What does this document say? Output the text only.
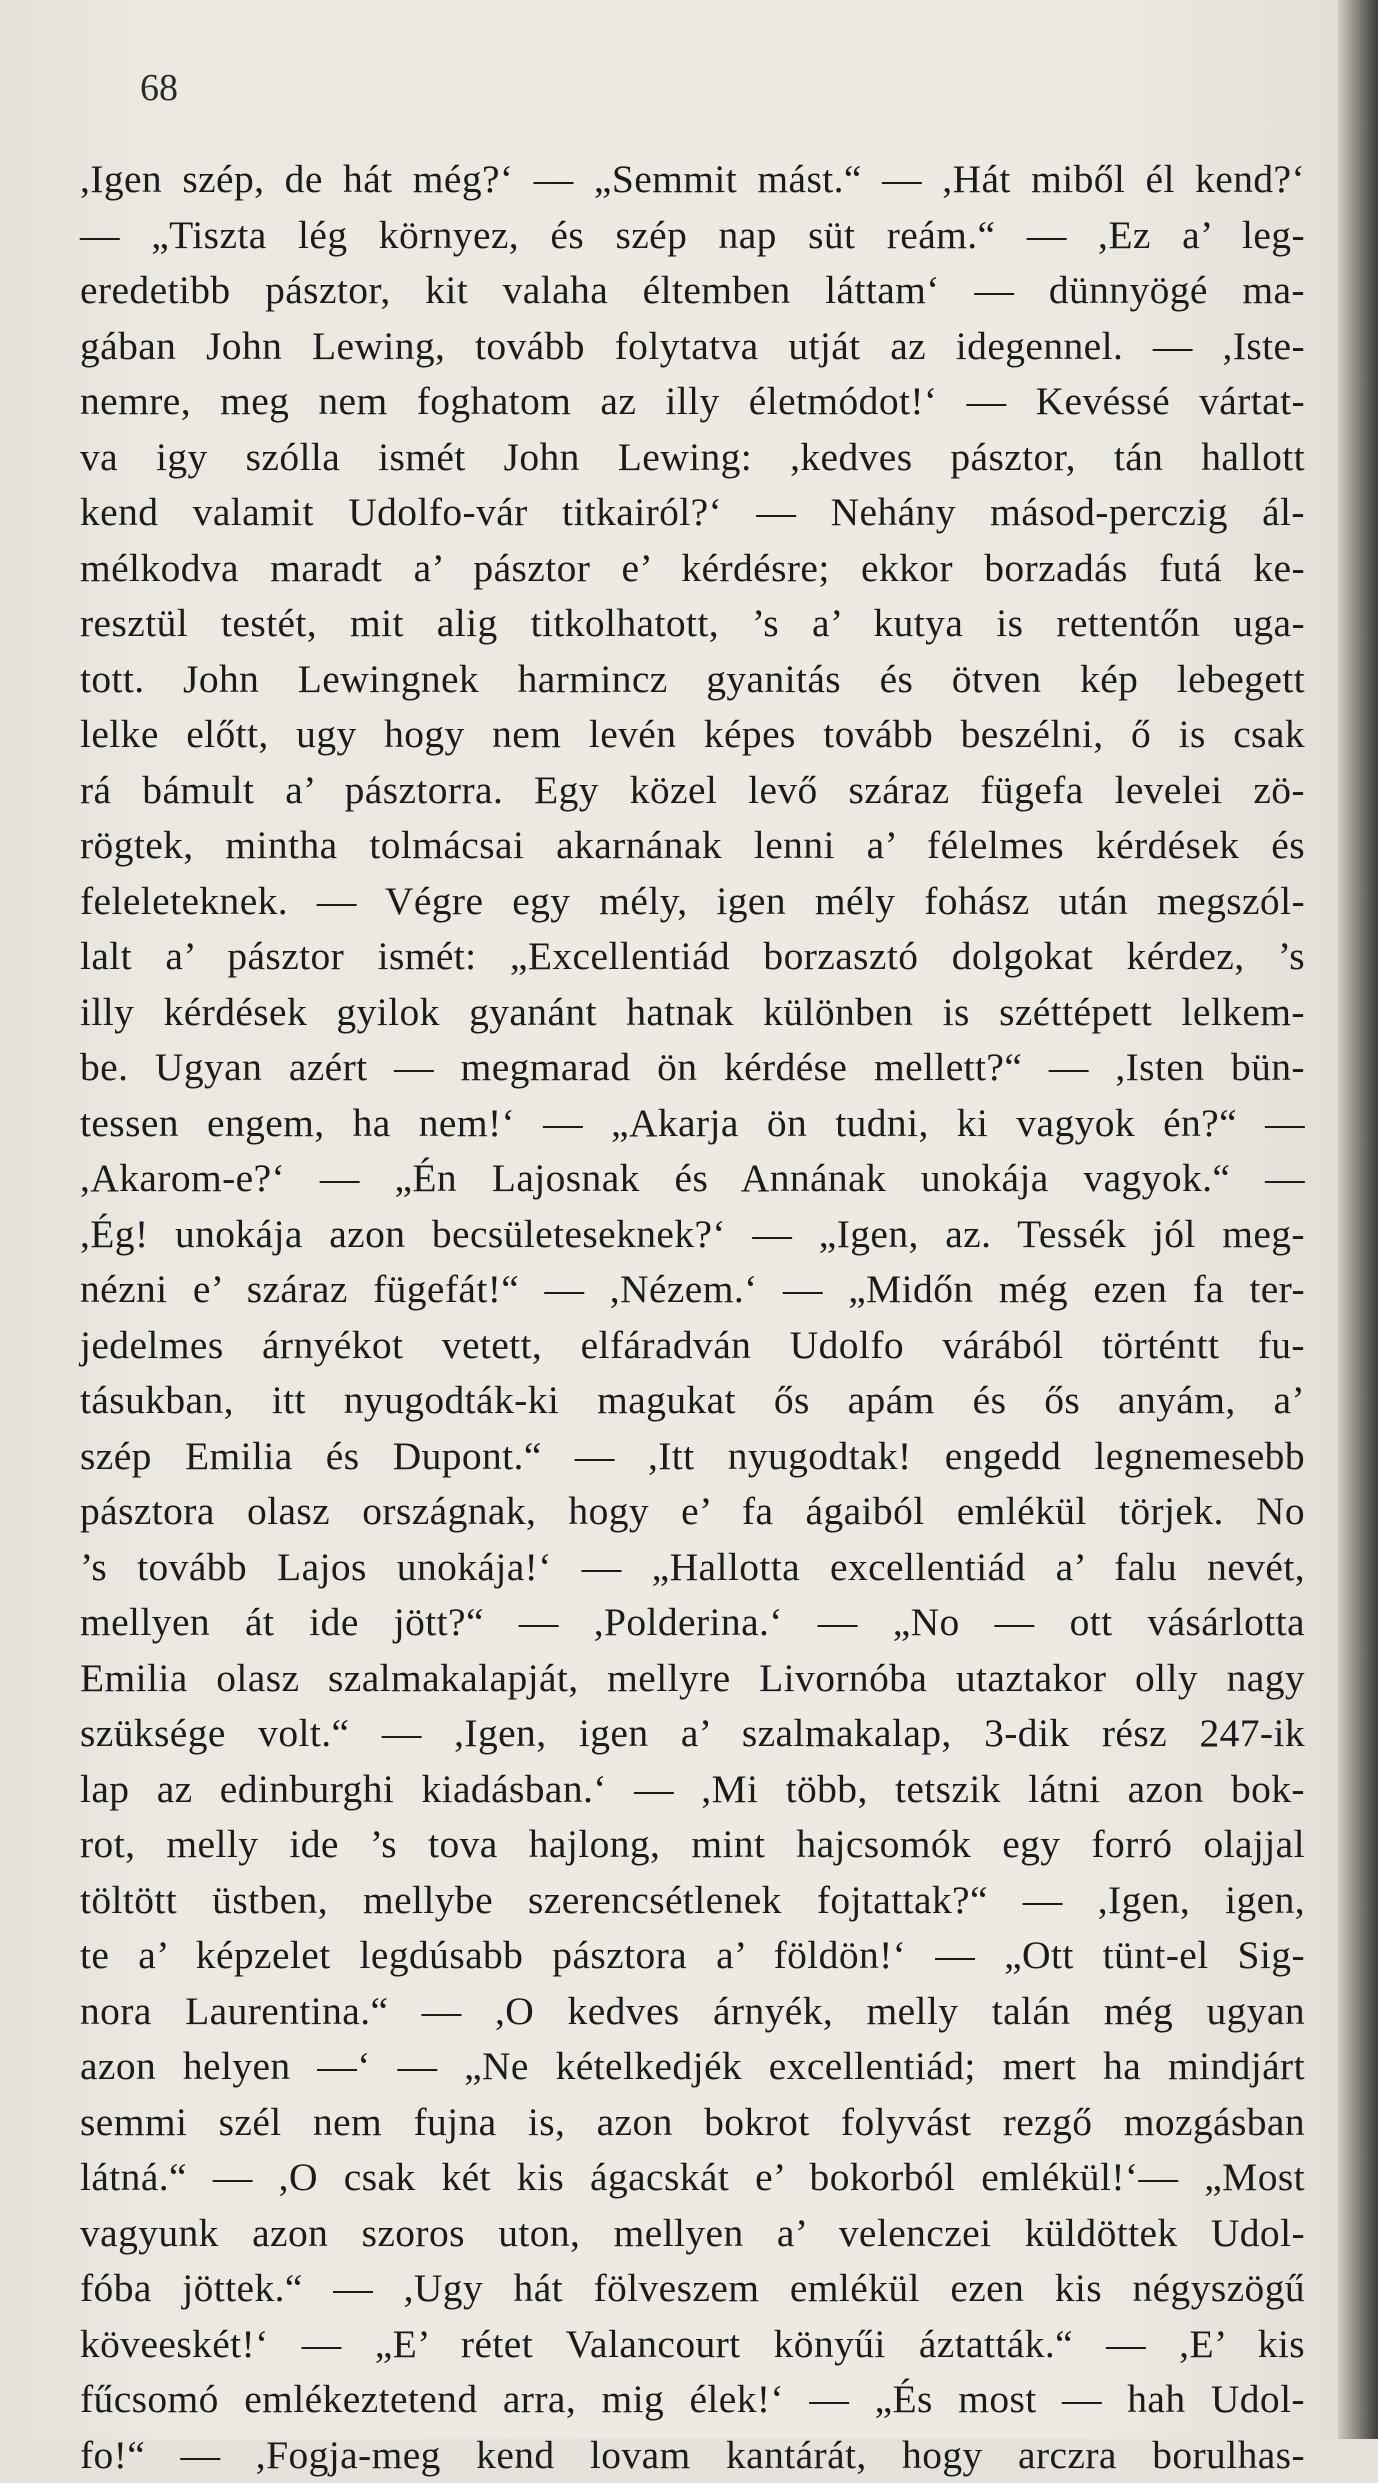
68
,Igen szép, de hát még?‘ — „Semmit mást.“ — ,Hát miből él kend?‘
— „Tiszta lég környez, és szép nap süt reám.“ — ,Ez a’ leg-
eredetibb pásztor, kit valaha éltemben láttam‘ — dünnyögé ma-
gában John Lewing, tovább folytatva utját az idegennel. — ,Iste-
nemre, meg nem foghatom az illy életmódot!‘ — Kevéssé vártat-
va igy szólla ismét John Lewing: ,kedves pásztor, tán hallott
kend valamit Udolfo-vár titkairól?‘ — Nehány másod-perczig ál-
mélkodva maradt a’ pásztor e’ kérdésre; ekkor borzadás futá ke-
resztül testét, mit alig titkolhatott, ’s a’ kutya is rettentőn uga-
tott. John Lewingnek harmincz gyanitás és ötven kép lebegett
lelke előtt, ugy hogy nem levén képes tovább beszélni, ő is csak
rá bámult a’ pásztorra. Egy közel levő száraz fügefa levelei zö-
rögtek, mintha tolmácsai akarnának lenni a’ félelmes kérdések és
feleleteknek. — Végre egy mély, igen mély fohász után megszól-
lalt a’ pásztor ismét: „Excellentiád borzasztó dolgokat kérdez, ’s
illy kérdések gyilok gyanánt hatnak különben is széttépett lelkem-
be. Ugyan azért — megmarad ön kérdése mellett?“ — ,Isten bün-
tessen engem, ha nem!‘ — „Akarja ön tudni, ki vagyok én?“ —
,Akarom-e?‘ — „Én Lajosnak és Annának unokája vagyok.“ —
,Ég! unokája azon becsületeseknek?‘ — „Igen, az. Tessék jól meg-
nézni e’ száraz fügefát!“ — ,Nézem.‘ — „Midőn még ezen fa ter-
jedelmes árnyékot vetett, elfáradván Udolfo várából történtt fu-
tásukban, itt nyugodták-ki magukat ős apám és ős anyám, a’
szép Emilia és Dupont.“ — ,Itt nyugodtak! engedd legnemesebb
pásztora olasz országnak, hogy e’ fa ágaiból emlékül törjek. No
’s tovább Lajos unokája!‘ — „Hallotta excellentiád a’ falu nevét,
mellyen át ide jött?“ — ,Polderina.‘ — „No — ott vásárlotta
Emilia olasz szalmakalapját, mellyre Livornóba utaztakor olly nagy
szüksége volt.“ — ,Igen, igen a’ szalmakalap, 3-dik rész 247-ik
lap az edinburghi kiadásban.‘ — ,Mi több, tetszik látni azon bok-
rot, melly ide ’s tova hajlong, mint hajcsomók egy forró olajjal
töltött üstben, mellybe szerencsétlenek fojtattak?“ — ,Igen, igen,
te a’ képzelet legdúsabb pásztora a’ földön!‘ — „Ott tünt-el Sig-
nora Laurentina.“ — ,O kedves árnyék, melly talán még ugyan
azon helyen —‘ — „Ne kételkedjék excellentiád; mert ha mindjárt
semmi szél nem fujna is, azon bokrot folyvást rezgő mozgásban
látná.“ — ,O csak két kis ágacskát e’ bokorból emlékül!‘— „Most
vagyunk azon szoros uton, mellyen a’ velenczei küldöttek Udol-
fóba jöttek.“ — ,Ugy hát fölveszem emlékül ezen kis négyszögű
köveeskét!‘ — „E’ rétet Valancourt könyűi áztatták.“ — ,E’ kis
fűcsomó emlékeztetend arra, mig élek!‘ — „És most — hah Udol-
fo!“ — ,Fogja-meg kend lovam kantárát, hogy arczra borulhas-
